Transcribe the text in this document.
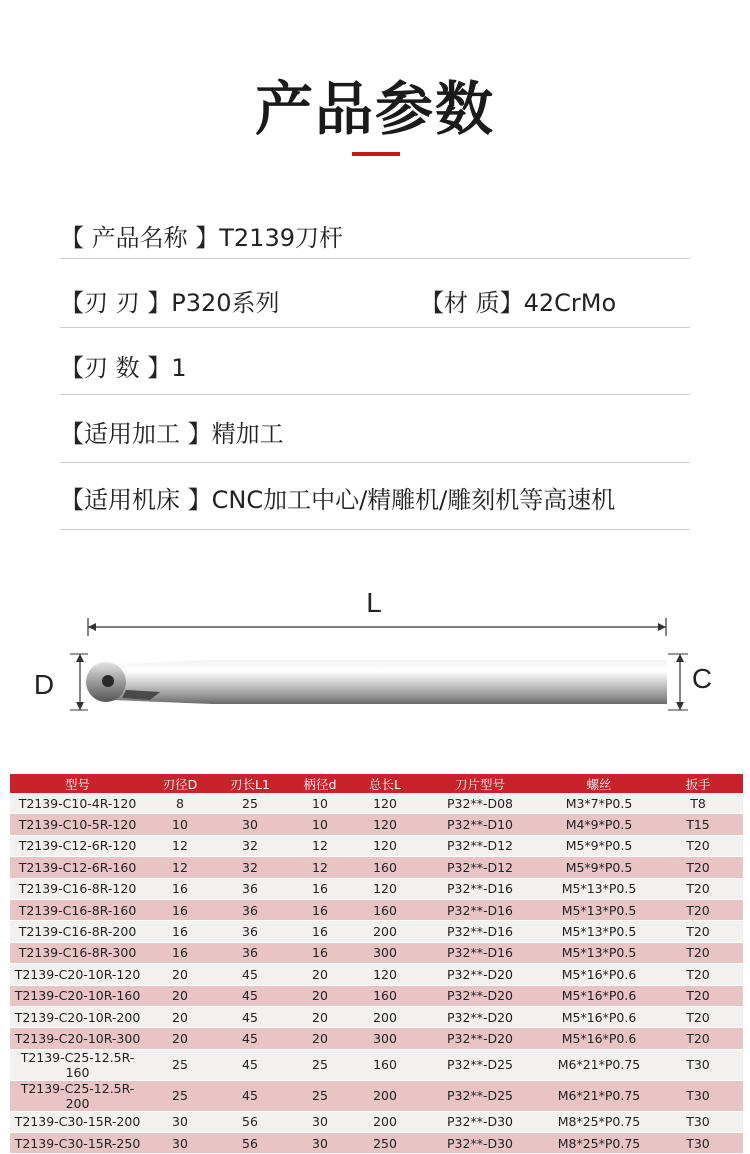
产品参数
【 产品名称 】T2139刀杆
【刃 刃 】P320系列	【材 质】42CrMo
【刃 数 】1
【适用加工 】精加工
【适用机床 】CNC加工中心/精雕机/雕刻机等高速机
L
D	C
型号	刃径D	刃长L1	柄径d	总长L	刀片型号	螺丝	扳手
T2139-C10-4R-120	8	25	10	120	P32**-D08	M3*7*P0.5	T8
T2139-C10-5R-120	10	30	10	120	P32**-D10	M4*9*P0.5	T15
T2139-C12-6R-120	12	32	12	120	P32**-D12	M5*9*P0.5	T20
T2139-C12-6R-160	12	32	12	160	P32**-D12	M5*9*P0.5	T20
T2139-C16-8R-120	16	36	16	120	P32**-D16	M5*13*P0.5	T20
T2139-C16-8R-160	16	36	16	160	P32**-D16	M5*13*P0.5	T20
T2139-C16-8R-200	16	36	16	200	P32**-D16	M5*13*P0.5	T20
T2139-C16-8R-300	16	36	16	300	P32**-D16	M5*13*P0.5	T20
T2139-C20-10R-120	20	45	20	120	P32**-D20	M5*16*P0.6	T20
T2139-C20-10R-160	20	45	20	160	P32**-D20	M5*16*P0.6	T20
T2139-C20-10R-200	20	45	20	200	P32**-D20	M5*16*P0.6	T20
T2139-C20-10R-300	20	45	20	300	P32**-D20	M5*16*P0.6	T20
T2139-C25-12.5R-160	25	45	25	160	P32**-D25	M6*21*P0.75	T30
T2139-C25-12.5R-200	25	45	25	200	P32**-D25	M6*21*P0.75	T30
T2139-C30-15R-200	30	56	30	200	P32**-D30	M8*25*P0.75	T30
T2139-C30-15R-250	30	56	30	250	P32**-D30	M8*25*P0.75	T30
